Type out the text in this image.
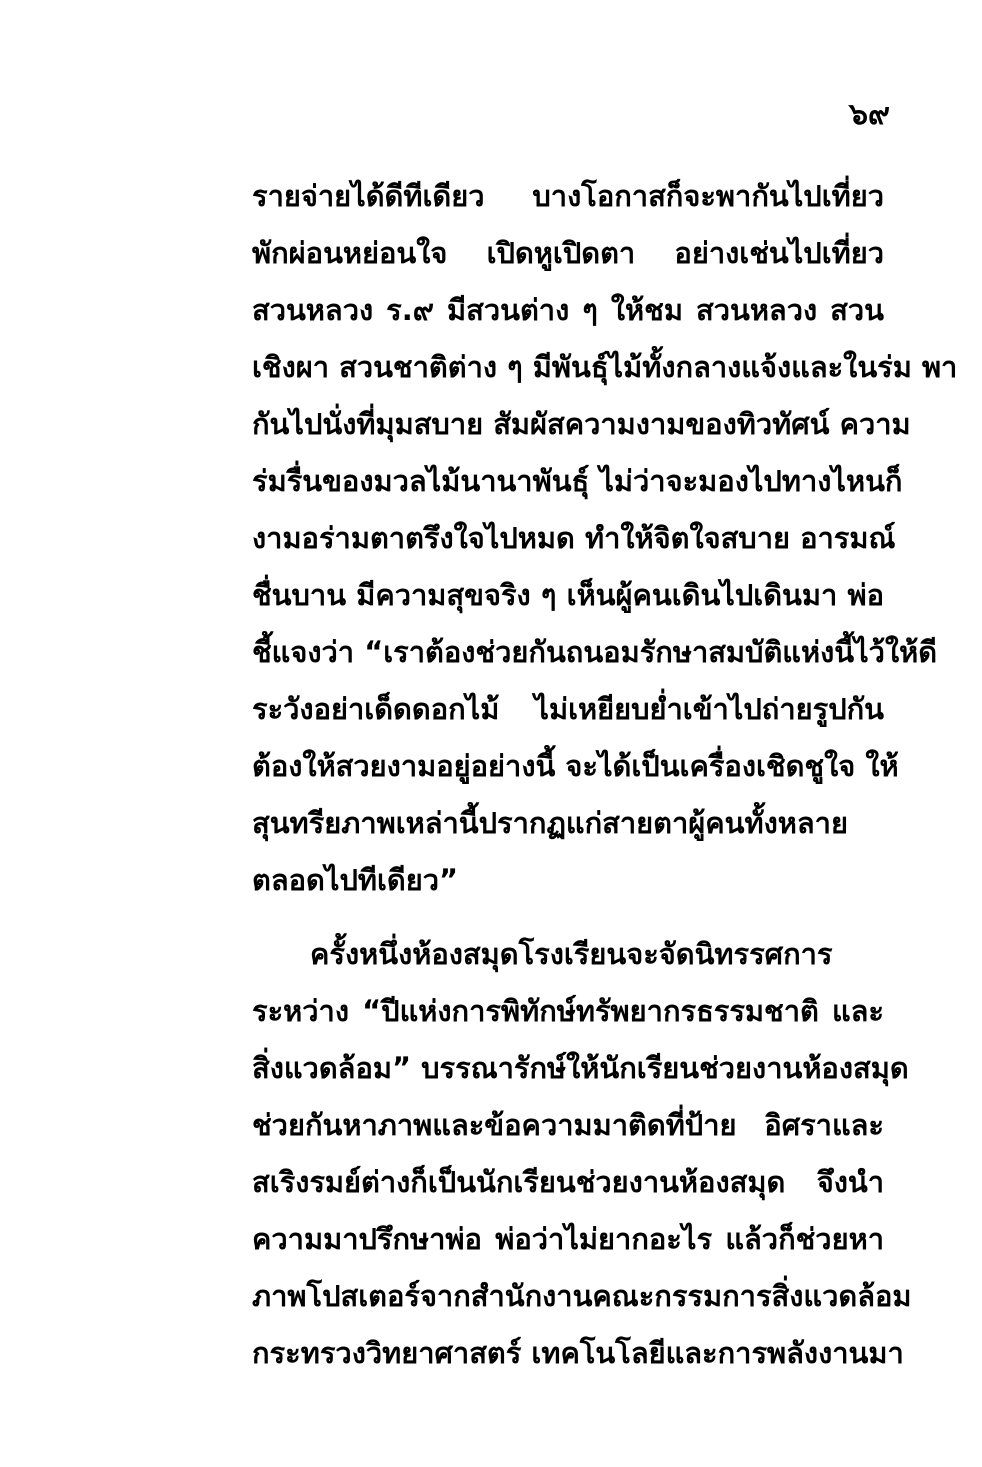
๖๙
รายจ่ายได้ดีทีเดียว บางโอกาสก็จะพากันไปเที่ยว
พักผ่อนหย่อนใจ เปิดหูเปิดตา อย่างเช่นไปเที่ยว
สวนหลวง ร.๙ มีสวนต่าง ๆ ให้ชม สวนหลวง สวน
เชิงผา สวนชาติต่าง ๆ มีพันธุ์ไม้ทั้งกลางแจ้งและในร่ม พา
กันไปนั่งที่มุมสบาย สัมผัสความงามของทิวทัศน์ ความ
ร่มรื่นของมวลไม้นานาพันธุ์ ไม่ว่าจะมองไปทางไหนก็
งามอร่ามตาตรึงใจไปหมด ทำให้จิตใจสบาย อารมณ์
ชื่นบาน มีความสุขจริง ๆ เห็นผู้คนเดินไปเดินมา พ่อ
ชี้แจงว่า “เราต้องช่วยกันถนอมรักษาสมบัติแห่งนี้ไว้ให้ดี
ระวังอย่าเด็ดดอกไม้ ไม่เหยียบย่ำเข้าไปถ่ายรูปกัน
ต้องให้สวยงามอยู่อย่างนี้ จะได้เป็นเครื่องเชิดชูใจ ให้
สุนทรียภาพเหล่านี้ปรากฏแก่สายตาผู้คนทั้งหลาย
ตลอดไปทีเดียว”
ครั้งหนึ่งห้องสมุดโรงเรียนจะจัดนิทรรศการ
ระหว่าง “ปีแห่งการพิทักษ์ทรัพยากรธรรมชาติ และ
สิ่งแวดล้อม” บรรณารักษ์ให้นักเรียนช่วยงานห้องสมุด
ช่วยกันหาภาพและข้อความมาติดที่ป้าย อิศราและ
สเริงรมย์ต่างก็เป็นนักเรียนช่วยงานห้องสมุด จึงนำ
ความมาปรึกษาพ่อ พ่อว่าไม่ยากอะไร แล้วก็ช่วยหา
ภาพโปสเตอร์จากสำนักงานคณะกรรมการสิ่งแวดล้อม
กระทรวงวิทยาศาสตร์ เทคโนโลยีและการพลังงานมา
